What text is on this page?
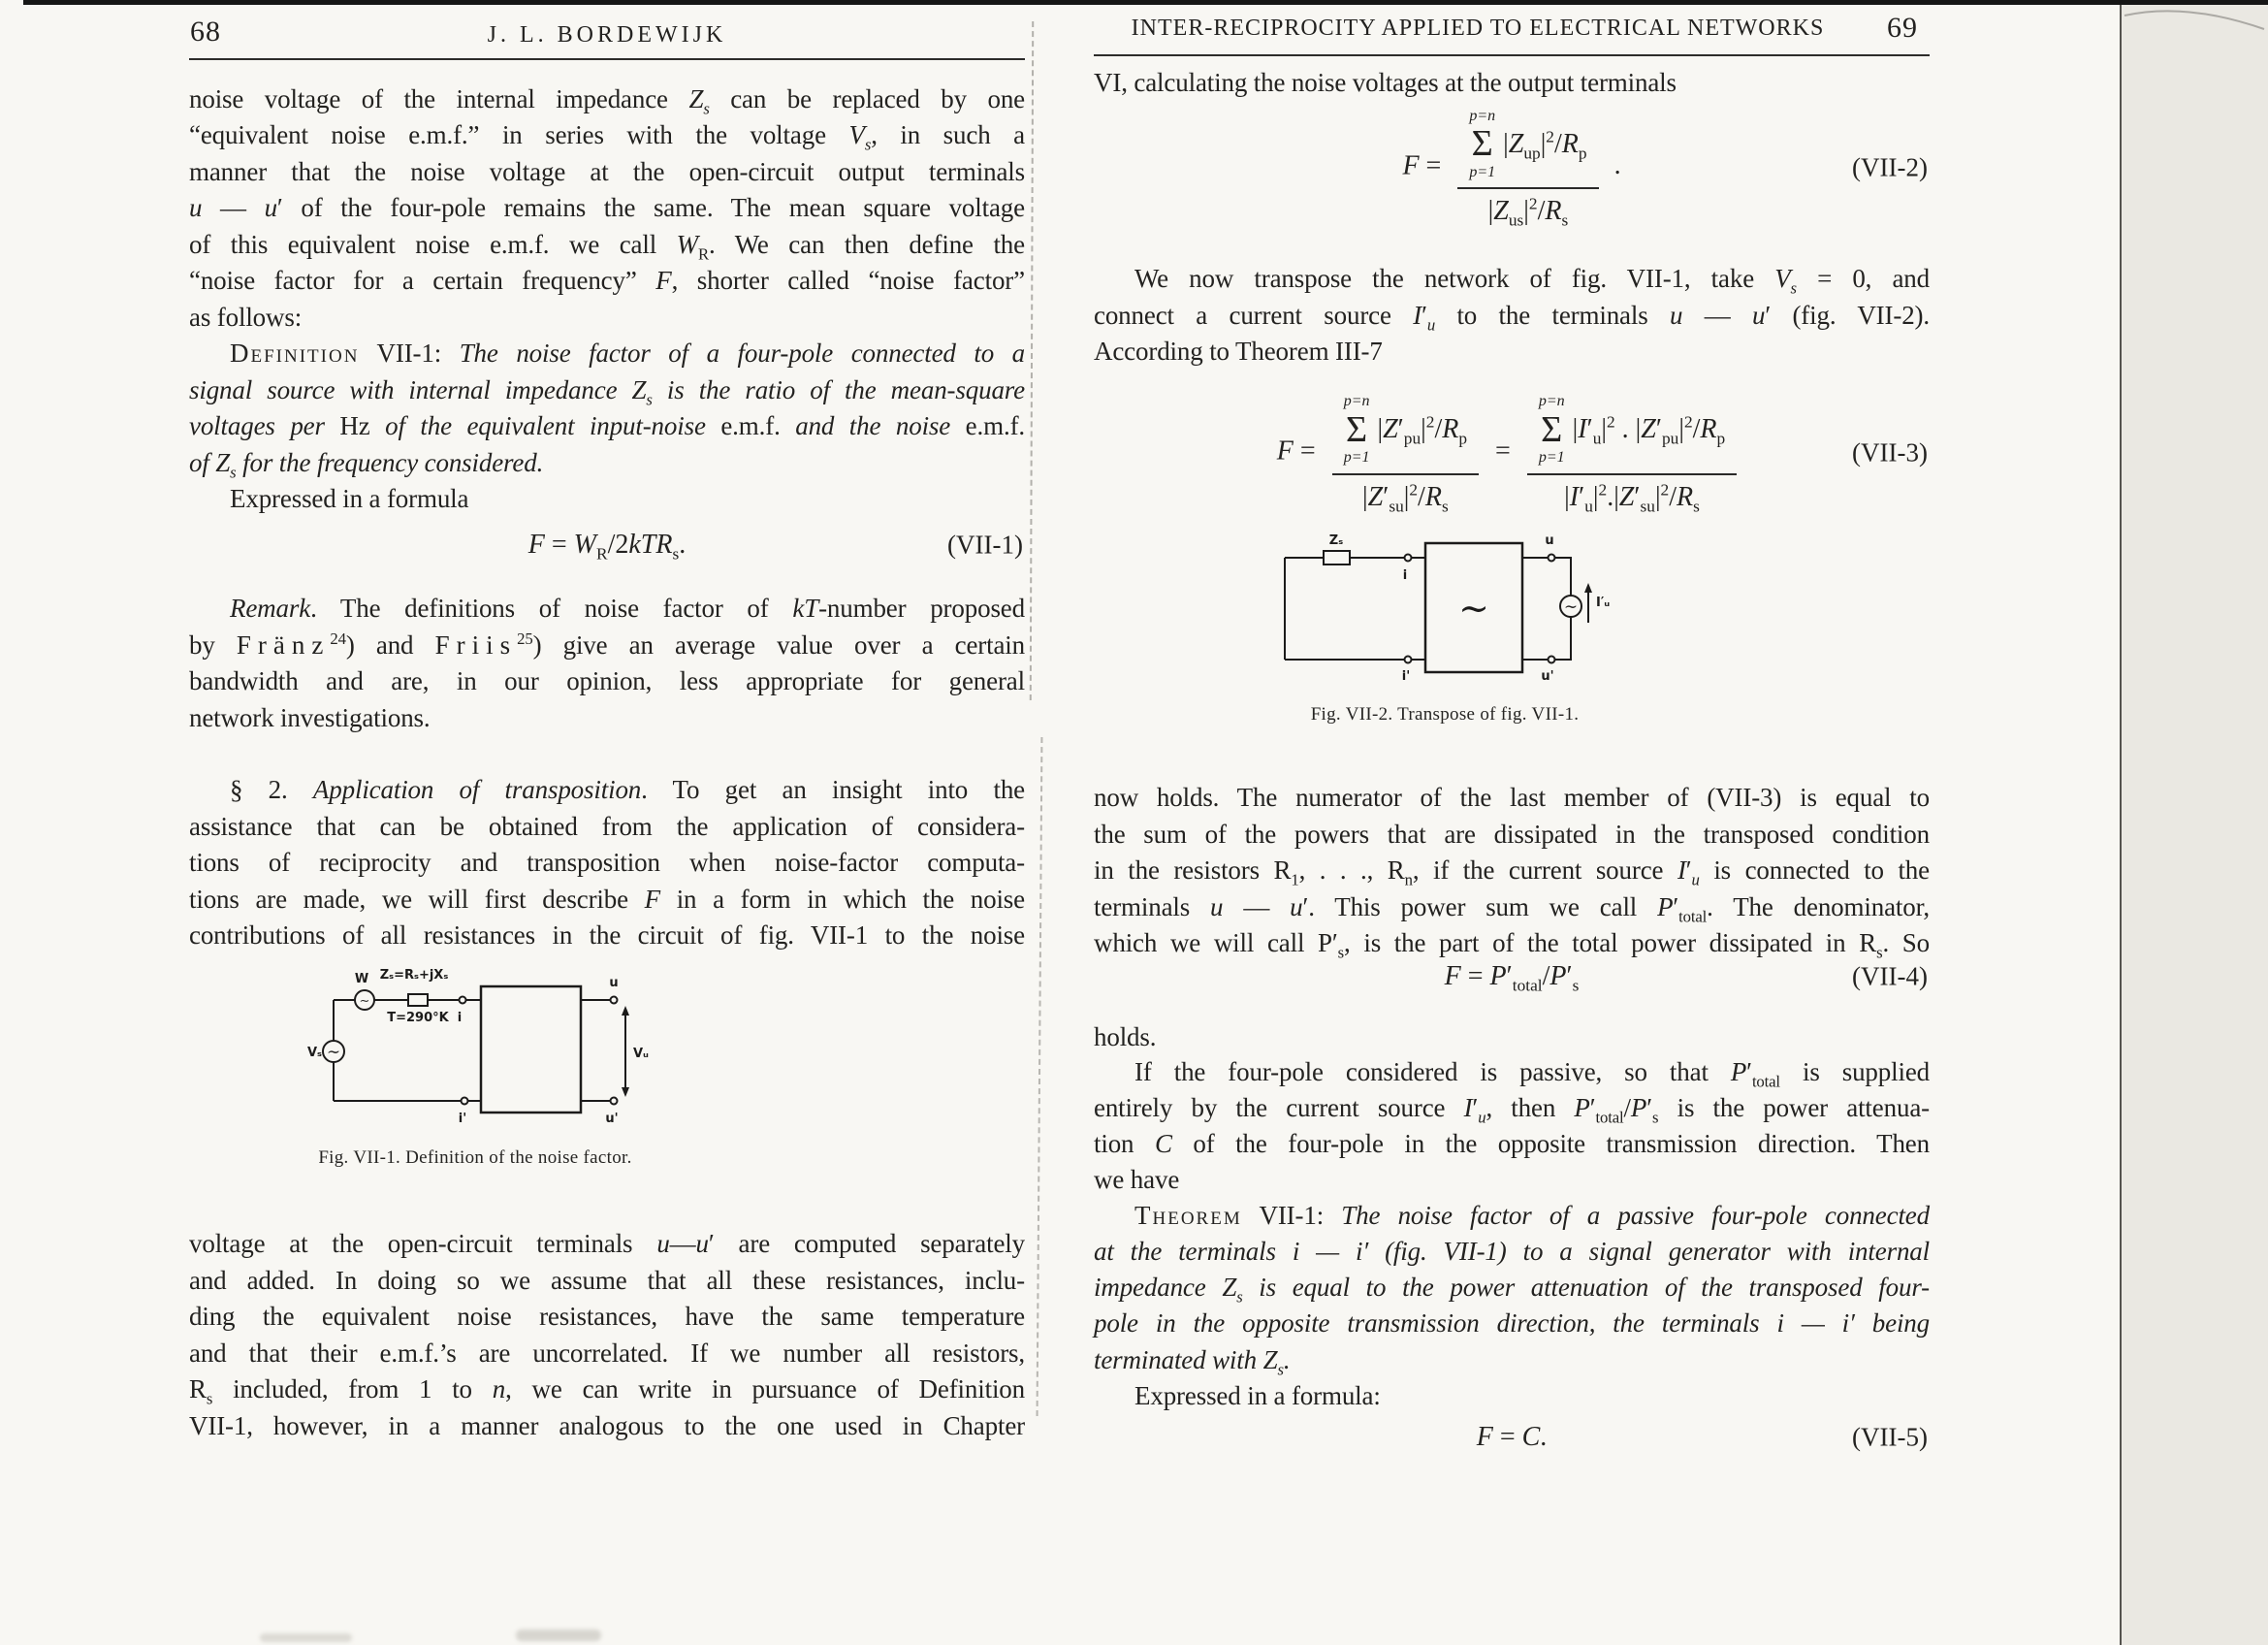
68	J. L. BORDEWIJK	INTER-RECIPROCITY APPLIED TO ELECTRICAL NETWORKS	69
$F = W_R/2kTR_s$.	(VII-1)
noise voltage of the internal impedance $Z_s$ can be replaced by one
“equivalent noise e.m.f.” in series with the voltage $V_s$, in such a
manner that the noise voltage at the open-circuit output terminals
u — u′ of the four-pole remains the same. The mean square voltage
of this equivalent noise e.m.f. we call $W_R$. We can then define the
“noise factor for a certain frequency” F, shorter called “noise factor”
as follows:
Definition VII-1: The noise factor of a four-pole connected to a
signal source with internal impedance $Z_s$ is the ratio of the mean-square
voltages per Hz of the equivalent input-noise e.m.f. and the noise e.m.f.
of $Z_s$ for the frequency considered.
Expressed in a formula
Remark. The definitions of noise factor of kT-number proposed
by Fränz$^{24}$) and Friis$^{25}$) give an average value over a certain
bandwidth and are, in our opinion, less appropriate for general
network investigations.
§ 2. Application of transposition. To get an insight into the
assistance that can be obtained from the application of considera-
tions of reciprocity and transposition when noise-factor computa-
tions are made, we will first describe F in a form in which the noise
contributions of all resistances in the circuit of fig. VII-1 to the noise
voltage at the open-circuit terminals u—u′ are computed separately
and added. In doing so we assume that all these resistances, inclu-
ding the equivalent noise resistances, have the same temperature
and that their e.m.f.’s are uncorrelated. If we number all resistors,
$R_s$ included, from 1 to n, we can write in pursuance of Definition
VII-1, however, in a manner analogous to the one used in Chapter
F =
p=n
Σ
p=1
$|Z_{up}|^2/R_p$
$|Z_{us}|^2/R_s$
.	(VII-2)
F =
p=n
Σ
p=1
$|Z'_{pu}|^2/R_p$
$|Z'_{su}|^2/R_s$
=
p=n
Σ
p=1
$|I'_u|^2$ . $|Z'_{pu}|^2/R_p$
$|I'_u|^2.|Z'_{su}|^2/R_s$
(VII-3)
$F = P'_{total}/P'_s$	(VII-4)
F = C.	(VII-5)
VI, calculating the noise voltages at the output terminals
We now transpose the network of fig. VII-1, take $V_s = 0$, and
connect a current source $I'_u$ to the terminals u — u′ (fig. VII-2).
According to Theorem III-7
now holds. The numerator of the last member of (VII-3) is equal to
the sum of the powers that are dissipated in the transposed condition
in the resistors $R_1$, . . ., $R_n$, if the current source $I'_u$ is connected to the
terminals u — u′. This power sum we call $P'_{total}$. The denominator,
which we will call $P'_s$, is the part of the total power dissipated in $R_s$. So
holds.
If the four-pole considered is passive, so that $P'_{total}$ is supplied
entirely by the current source $I'_u$, then $P'_{total}/P'_s$ is the power attenua-
tion C of the four-pole in the opposite transmission direction. Then
we have
Theorem VII-1: The noise factor of a passive four-pole connected
at the terminals i — i′ (fig. VII-1) to a signal generator with internal
impedance $Z_s$ is equal to the power attenuation of the transposed four-
pole in the opposite transmission direction, the terminals i — i′ being
terminated with $Z_s$.
Expressed in a formula:
∼
∼
W Zₛ=Rₛ+jXₛ
T=290°K
Vₛ
i
i'
u
u'
Vᵤ
Fig. VII-1. Definition of the noise factor.
∼	∼
Zₛ
i
i'
u
u'
I′ᵤ
Fig. VII-2. Transpose of fig. VII-1.
